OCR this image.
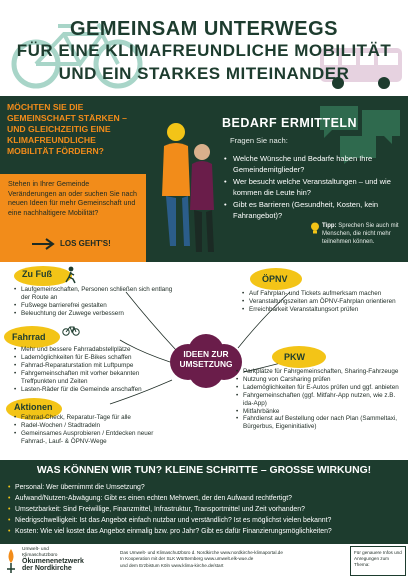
GEMEINSAM UNTERWEGS
FÜR EINE KLIMAFREUNDLICHE MOBILITÄT
UND EIN STARKES MITEINANDER
MÖCHTEN SIE DIE GEMEINSCHAFT STÄRKEN – UND GLEICHZEITIG EINE KLIMAFREUNDLICHE MOBILITÄT FÖRDERN?
Stehen in Ihrer Gemeinde Veränderungen an oder suchen Sie nach neuen Ideen für mehr Gemeinschaft und eine nachhaltigere Mobilität?
LOS GEHT'S!
BEDARF ERMITTELN
Fragen Sie nach:
• Welche Wünsche und Bedarfe haben Ihre Gemeindemitglieder?
• Wer besucht welche Veranstaltungen – und wie kommen die Leute hin?
• Gibt es Barrieren (Gesundheit, Kosten, kein Fahrangebot)?
Tipp: Sprechen Sie auch mit Menschen, die nicht mehr teilnehmen können.
Zu Fuß
• Laufgemeinschaften, Personen schließen sich entlang der Route an
• Fußwege barrierefrei gestalten
• Beleuchtung der Zuwege verbessern
Fahrrad
• Mehr und bessere Fahrradabstellplätze
• Lademöglichkeiten für E-Bikes schaffen
• Fahrrad-Reparaturstation mit Luftpumpe
• Fahrgemeinschaften mit vorher bekannten Treffpunkten und Zeiten
• Lasten-Räder für die Gemeinde anschaffen
Aktionen
• Fahrrad-Check, Reparatur-Tage für alle
• Radel-Wochen / Stadtradeln
• Gemeinsames Ausprobieren / Entdecken neuer Fahrrad-, Lauf- & ÖPNV-Wege
IDEEN ZUR UMSETZUNG
ÖPNV
• Auf Fahrplan- und Tickets aufmerksam machen
• Veranstaltungszeiten am ÖPNV-Fahrplan orientieren
• Erreichbarkeit Veranstaltungsort prüfen
PKW
• Parkplätze für Fahrgemeinschaften, Sharing-Fahrzeuge
• Nutzung von Carsharing prüfen
• Lademöglichkeiten für E-Autos prüfen und ggf. anbieten
• Fahrgemeinschaften (ggf. Mitfahr-App nutzen, wie z.B. ida-App)
• Mitfahrbänke
• Fahrdienst auf Bestellung oder nach Plan (Sammeltaxi, Bürgerbus, Eigeninitiative)
WAS KÖNNEN WIR TUN? KLEINE SCHRITTE – GROSSE WIRKUNG!
• Personal: Wer übernimmt die Umsetzung?
• Aufwand/Nutzen-Abwägung: Gibt es einen echten Mehrwert, der den Aufwand rechtfertigt?
• Umsetzbarkeit: Sind Freiwillige, Finanzmittel, Infrastruktur, Transportmittel und Zeit vorhanden?
• Niedrigschwelligkeit: Ist das Angebot einfach nutzbar und verständlich? Ist es möglichst vielen bekannt?
• Kosten: Wie viel kostet das Angebot einmalig bzw. pro Jahr? Gibt es dafür Finanzierungsmöglichkeiten?
Umwelt- und Klimaschutzbüro
Ökumenenetzwerk der Nordkirche
Das Umwelt- und Klimaschutzbüro d. Nordkirche www.nordkirche-klimaportal.de
In Kooperation mit der SLK Württemberg www.umwelt.elk-wue.de
und dem Erzbistum Köln www.klima-kirche.de/start
Für genauere Infos und Anregungen zum Thema:
